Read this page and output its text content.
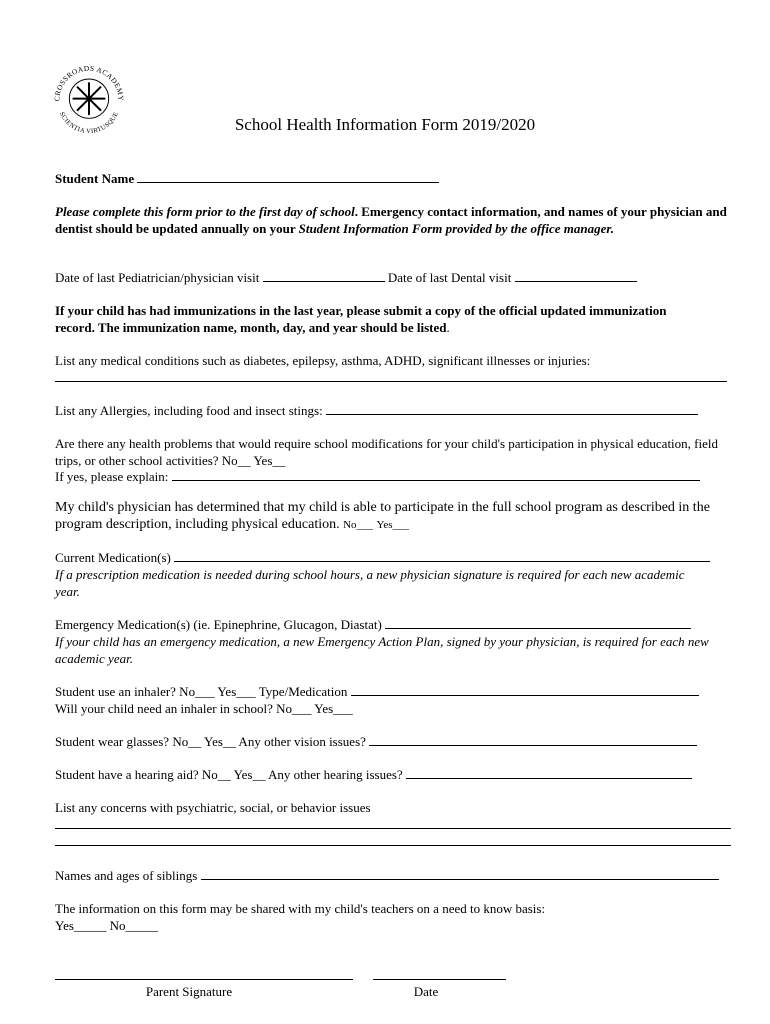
CROSSROADS ACADEMY
SCIENTIA VIRTUSQUE
School Health Information Form 2019/2020
Student Name
Please complete this form prior to the first day of school. Emergency contact information, and names of your physician and dentist should be updated annually on your Student Information Form provided by the office manager.
Date of last Pediatrician/physician visit	Date of last Dental visit
If your child has had immunizations in the last year, please submit a copy of the official updated immunization record. The immunization name, month, day, and year should be listed.
List any medical conditions such as diabetes, epilepsy, asthma, ADHD, significant illnesses or injuries:
List any Allergies, including food and insect stings:
Are there any health problems that would require school modifications for your child's participation in physical education, field trips, or other school activities? No__ Yes__
If yes, please explain:
My child's physician has determined that my child is able to participate in the full school program as described in the program description, including physical education. No___ Yes___
Current Medication(s)
If a prescription medication is needed during school hours, a new physician signature is required for each new academic year.
Emergency Medication(s) (ie. Epinephrine, Glucagon, Diastat)
If your child has an emergency medication, a new Emergency Action Plan, signed by your physician, is required for each new academic year.
Student use an inhaler? No___ Yes___ Type/Medication
Will your child need an inhaler in school? No___ Yes___
Student wear glasses? No__ Yes__ Any other vision issues?
Student have a hearing aid? No__ Yes__ Any other hearing issues?
List any concerns with psychiatric, social, or behavior issues
Names and ages of siblings
The information on this form may be shared with my child's teachers on a need to know basis:
Yes_____ No_____
Parent Signature	Date
